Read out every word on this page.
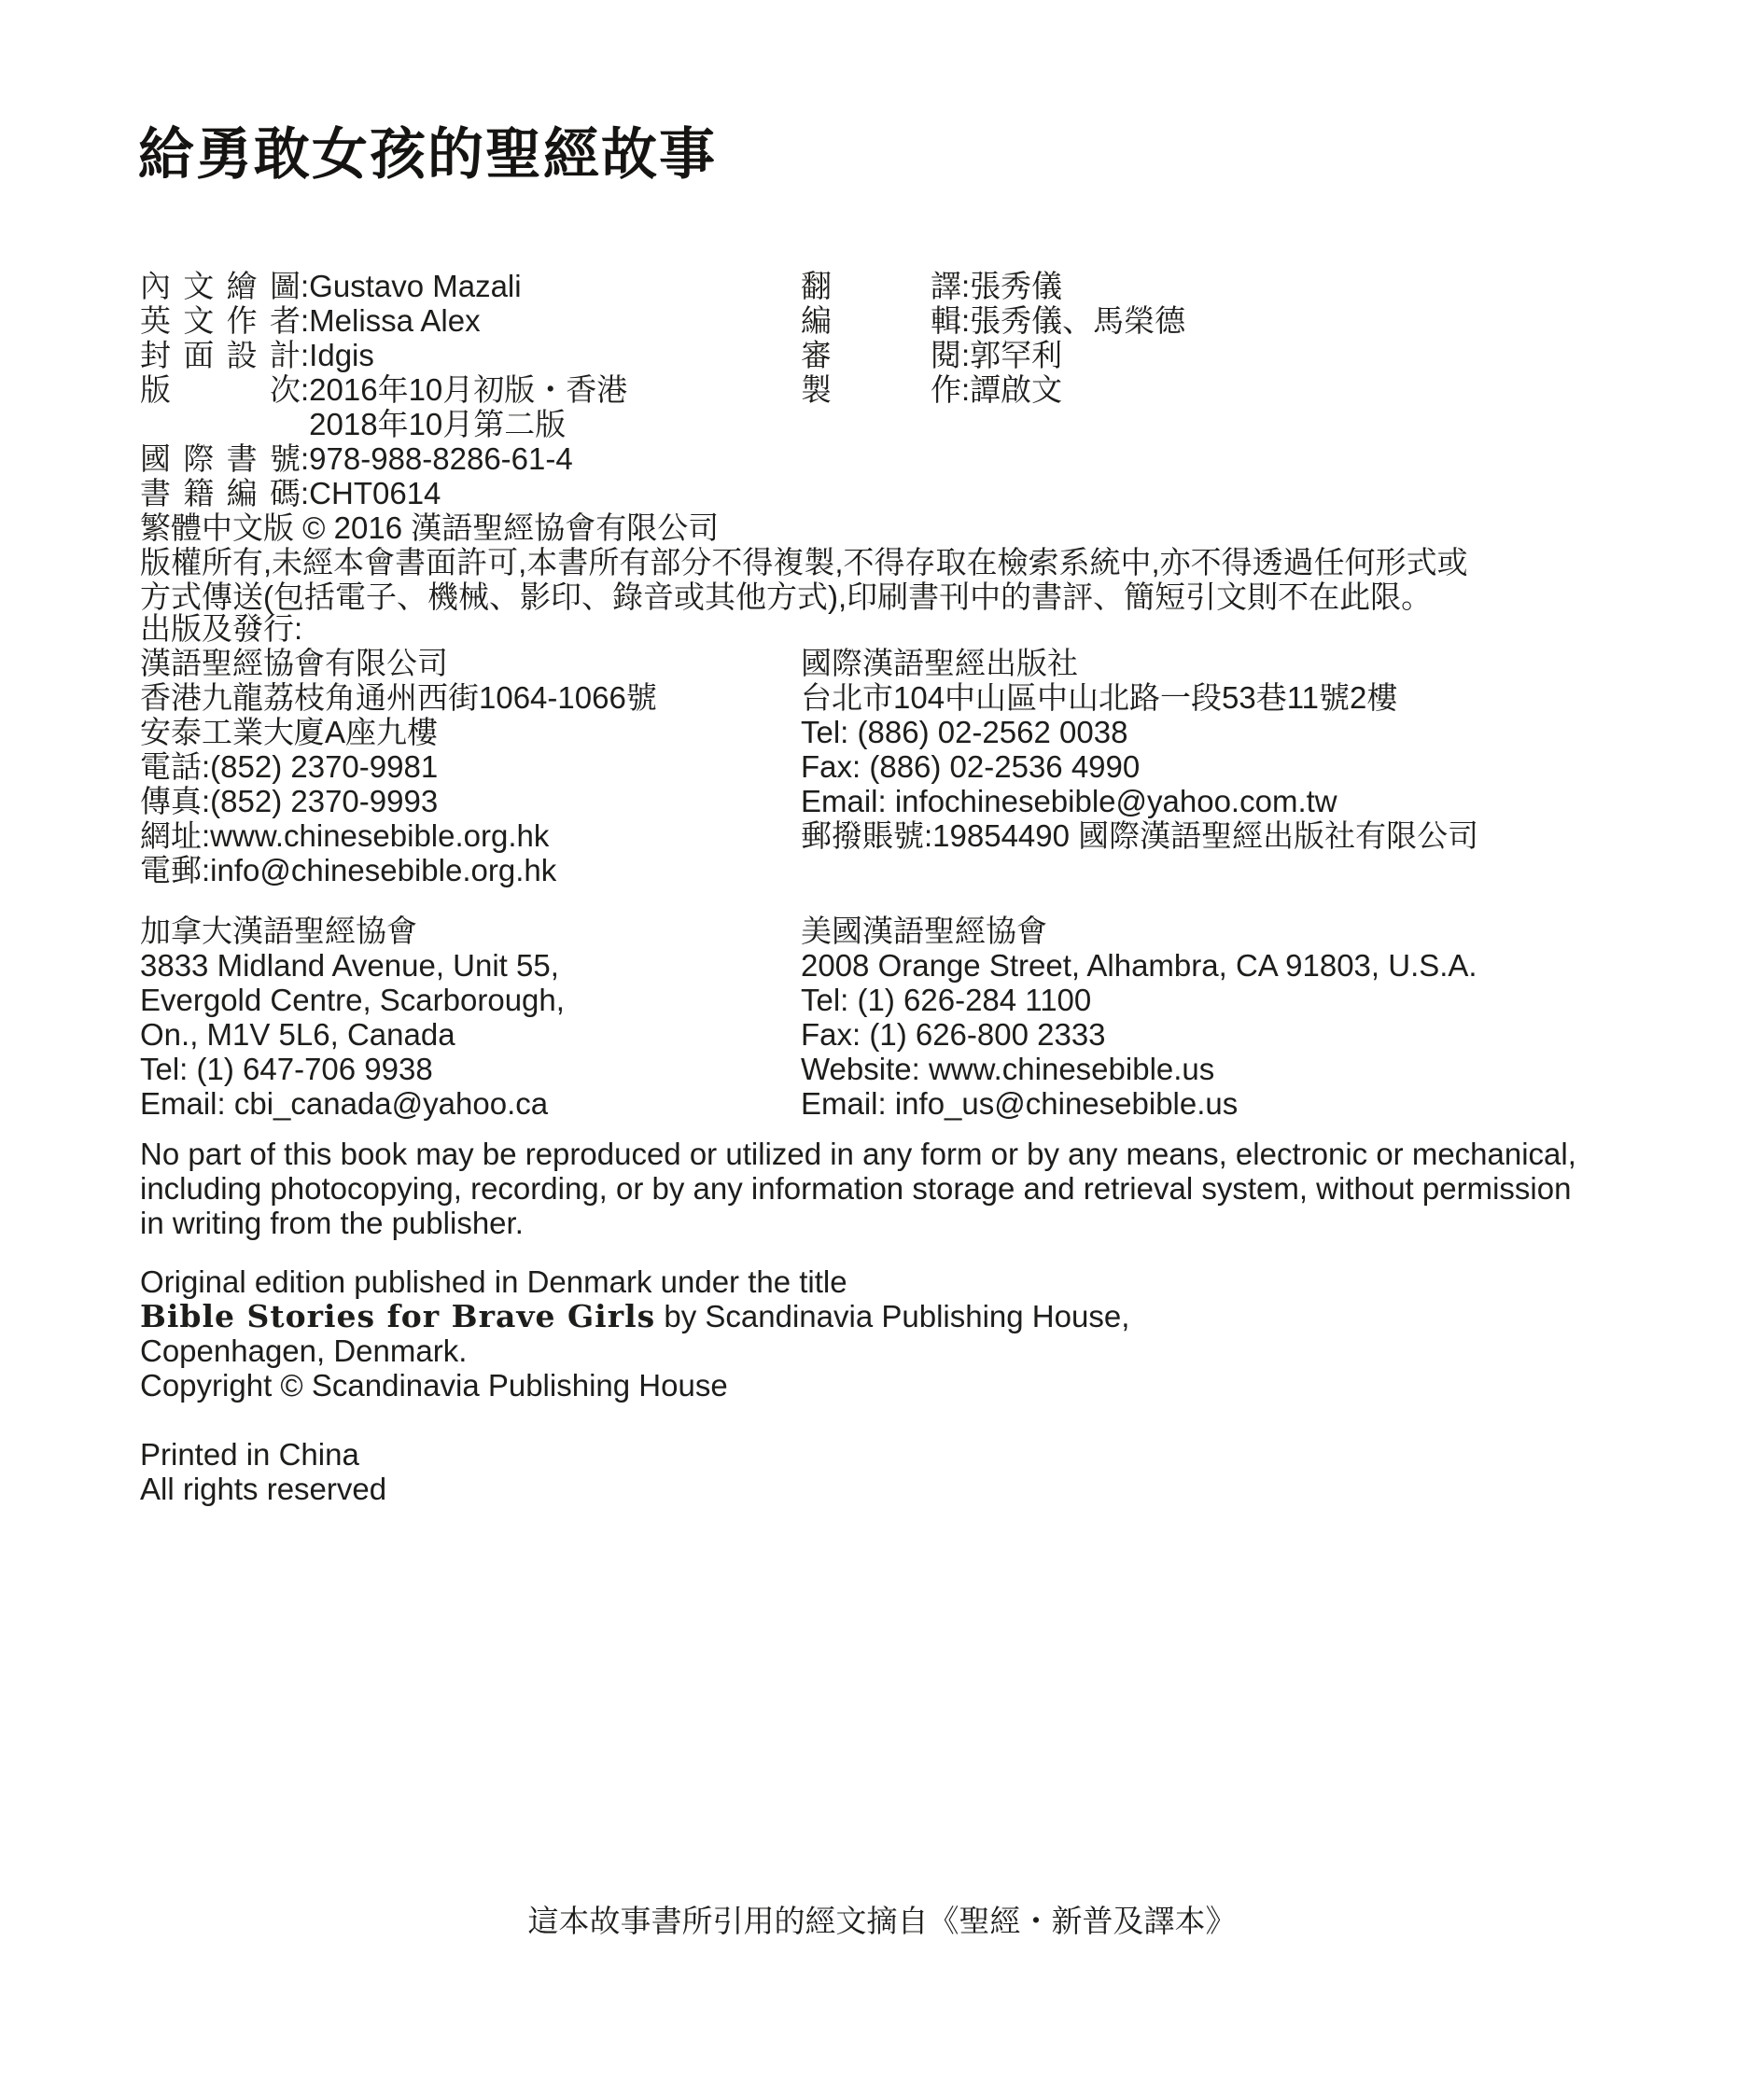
給勇敢女孩的聖經故事
內文繪圖:Gustavo Mazali
英文作者:Melissa Alex
封面設計:Idgis
版次:2016年10月初版・香港
2018年10月第二版
國際書號:978-988-8286-61-4
書籍編碼:CHT0614
繁體中文版 © 2016 漢語聖經協會有限公司
版權所有,未經本會書面許可,本書所有部分不得複製,不得存取在檢索系統中,亦不得透過任何形式或
方式傳送(包括電子、機械、影印、錄音或其他方式),印刷書刊中的書評、簡短引文則不在此限。
翻譯:張秀儀
編輯:張秀儀、馬榮德
審閱:郭罕利
製作:譚啟文
出版及發行:
漢語聖經協會有限公司
香港九龍荔枝角通州西街1064-1066號
安泰工業大廈A座九樓
電話:(852) 2370-9981
傳真:(852) 2370-9993
網址:www.chinesebible.org.hk
電郵:info@chinesebible.org.hk
國際漢語聖經出版社
台北市104中山區中山北路一段53巷11號2樓
Tel: (886) 02-2562 0038
Fax: (886) 02-2536 4990
Email: infochinesebible@yahoo.com.tw
郵撥賬號:19854490 國際漢語聖經出版社有限公司
加拿大漢語聖經協會
3833 Midland Avenue, Unit 55,
Evergold Centre, Scarborough,
On., M1V 5L6, Canada
Tel: (1) 647-706 9938
Email: cbi_canada@yahoo.ca
美國漢語聖經協會
2008 Orange Street, Alhambra, CA 91803, U.S.A.
Tel: (1) 626-284 1100
Fax: (1) 626-800 2333
Website: www.chinesebible.us
Email: info_us@chinesebible.us
No part of this book may be reproduced or utilized in any form or by any means, electronic or mechanical,
including photocopying, recording, or by any information storage and retrieval system, without permission
in writing from the publisher.
Original edition published in Denmark under the title
Bible Stories for Brave Girls by Scandinavia Publishing House,
Copenhagen, Denmark.
Copyright © Scandinavia Publishing House
Printed in China
All rights reserved
這本故事書所引用的經文摘自《聖經・新普及譯本》
